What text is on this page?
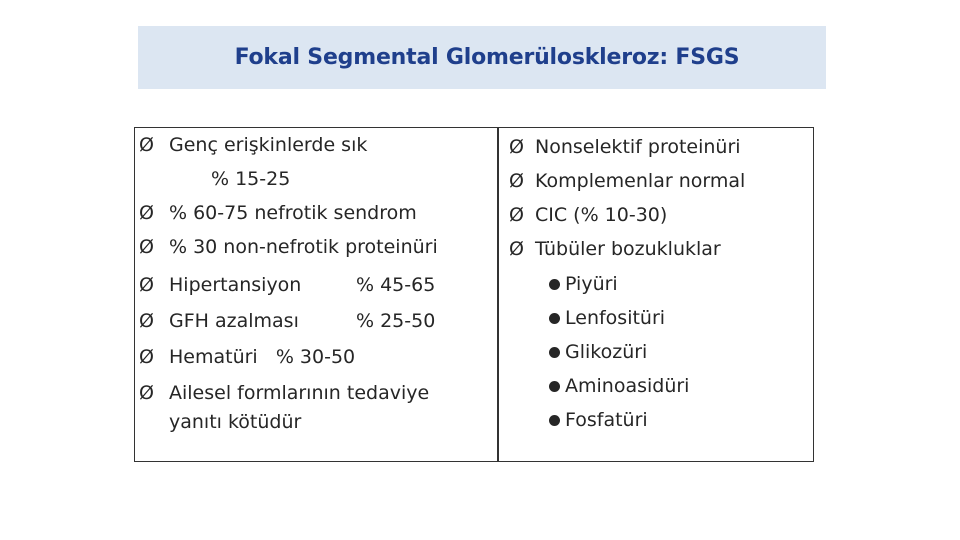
Fokal Segmental Glomerüloskleroz: FSGS
Ø Genç erişkinlerde sık
% 15-25
Ø % 60-75 nefrotik sendrom
Ø % 30 non-nefrotik proteinüri
Ø Hipertansiyon	% 45-65
Ø GFH azalması	% 25-50
Ø Hematüri   % 30-50
Ø Ailesel formlarının tedaviye
yanıtı kötüdür
Ø Nonselektif proteinüri
Ø Komplemenlar normal
Ø CIC (% 10-30)
Ø Tübüler bozukluklar
Piyüri
Lenfositüri
Glikozüri
Aminoasidüri
Fosfatüri
